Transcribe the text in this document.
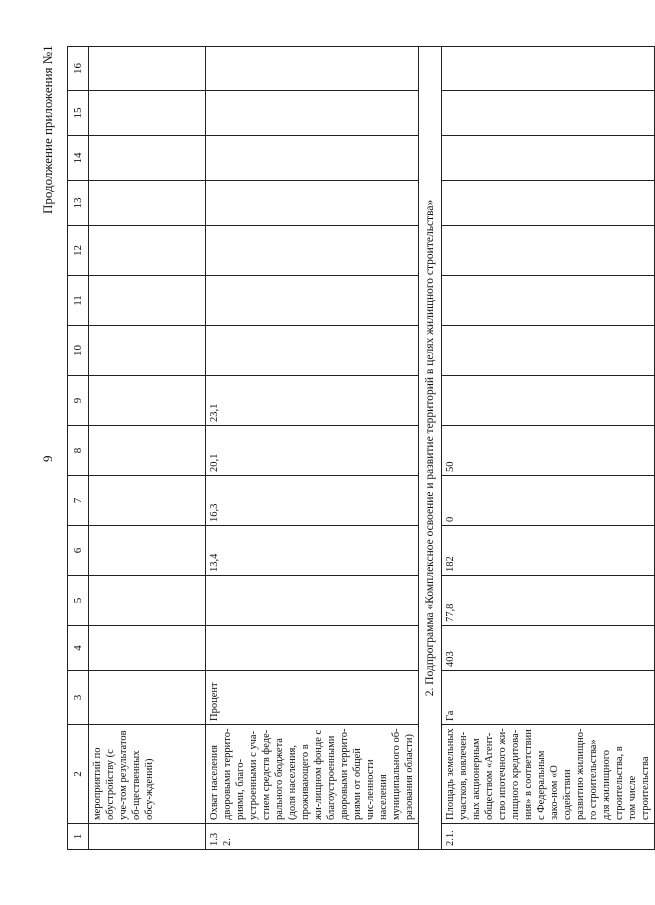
9
Продолжение приложения №1
1	2	3	4	5	6	7	8	9	10	11	12	13	14	15	16
	мероприятий по обустройству (с уче-том результатов об-щественных обсу-ждений)														
1.3 2.	Охват населения дворовыми террито-риями, благо-устроенными с уча-стием средств феде-рального бюджета (доля населения, проживающего в жи-лищном фонде с благоустроенными дворовыми террито-риями от общей чис-ленности населения муниципального об-разования области)	Процент			13,4	16,3	20,1	23,1							
2. Подпрограмма «Комплексное освоение и развитие территорий в целях жилищного строительства»															
2.1.	Площадь земельных участков, вовлечен-ных акционерным обществом «Агент-ство ипотечного жи-лищного кредитова-ния» в соответствии с Федеральным зако-ном «О содействии развитию жилищно-го строительства» для жилищного строительства, в том числе строительства	Га	403	77,8	182	0	50								
